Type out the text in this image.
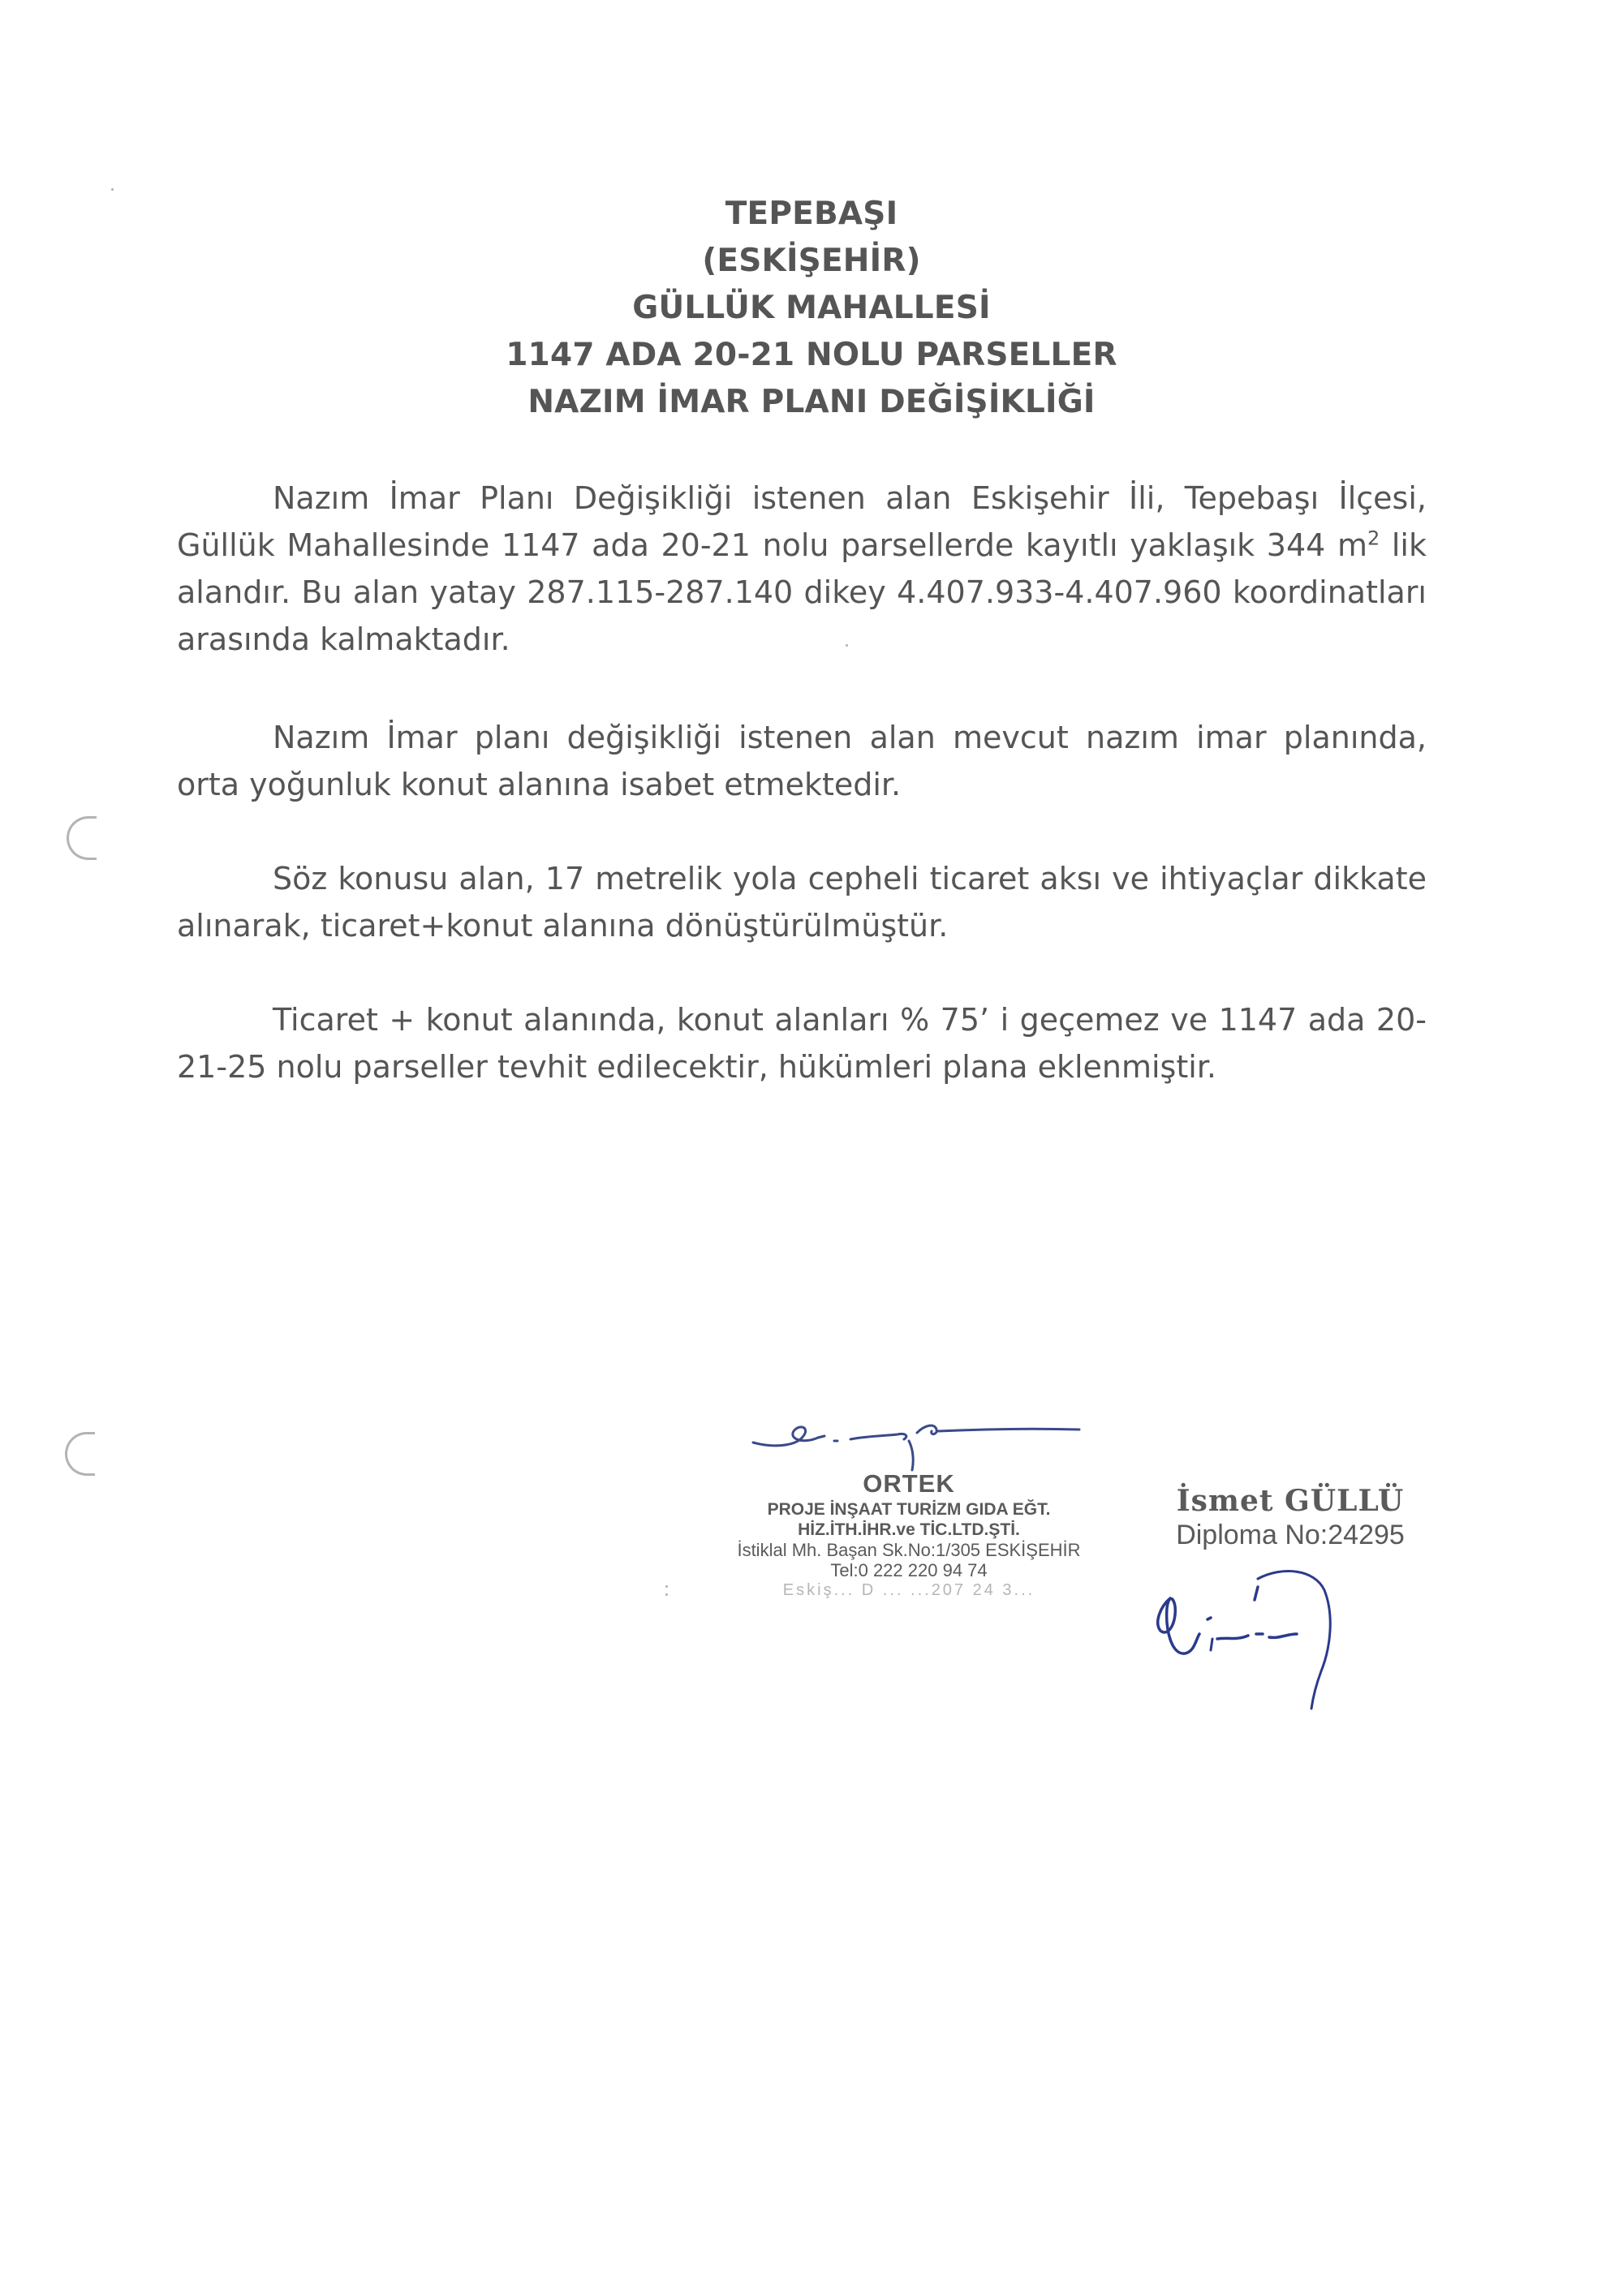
TEPEBAŞI
(ESKİŞEHİR)
GÜLLÜK MAHALLESİ
1147 ADA 20-21 NOLU PARSELLER
NAZIM İMAR PLANI DEĞİŞİKLİĞİ
Nazım İmar Planı Değişikliği istenen alan Eskişehir İli, Tepebaşı İlçesi, Güllük Mahallesinde 1147 ada 20-21 nolu parsellerde kayıtlı yaklaşık 344 $m^2$ lik alandır. Bu alan yatay 287.115-287.140 dikey 4.407.933-4.407.960 koordinatları arasında kalmaktadır.
Nazım İmar planı değişikliği istenen alan mevcut nazım imar planında, orta yoğunluk konut alanına isabet etmektedir.
Söz konusu alan, 17 metrelik yola cepheli ticaret aksı ve ihtiyaçlar dikkate alınarak, ticaret+konut alanına dönüştürülmüştür.
Ticaret + konut alanında, konut alanları % 75’ i geçemez ve 1147 ada 20-21-25 nolu parseller tevhit edilecektir, hükümleri plana eklenmiştir.
ORTEK
PROJE İNŞAAT TURİZM GIDA EĞT.
HİZ.İTH.İHR.ve TİC.LTD.ŞTİ.
İstiklal Mh. Başan Sk.No:1/305 ESKİŞEHİR
Tel:0 222 220 94 74
Eskiş... D ... ...207 24 3...
İsmet GÜLLÜ
Diploma No:24295
